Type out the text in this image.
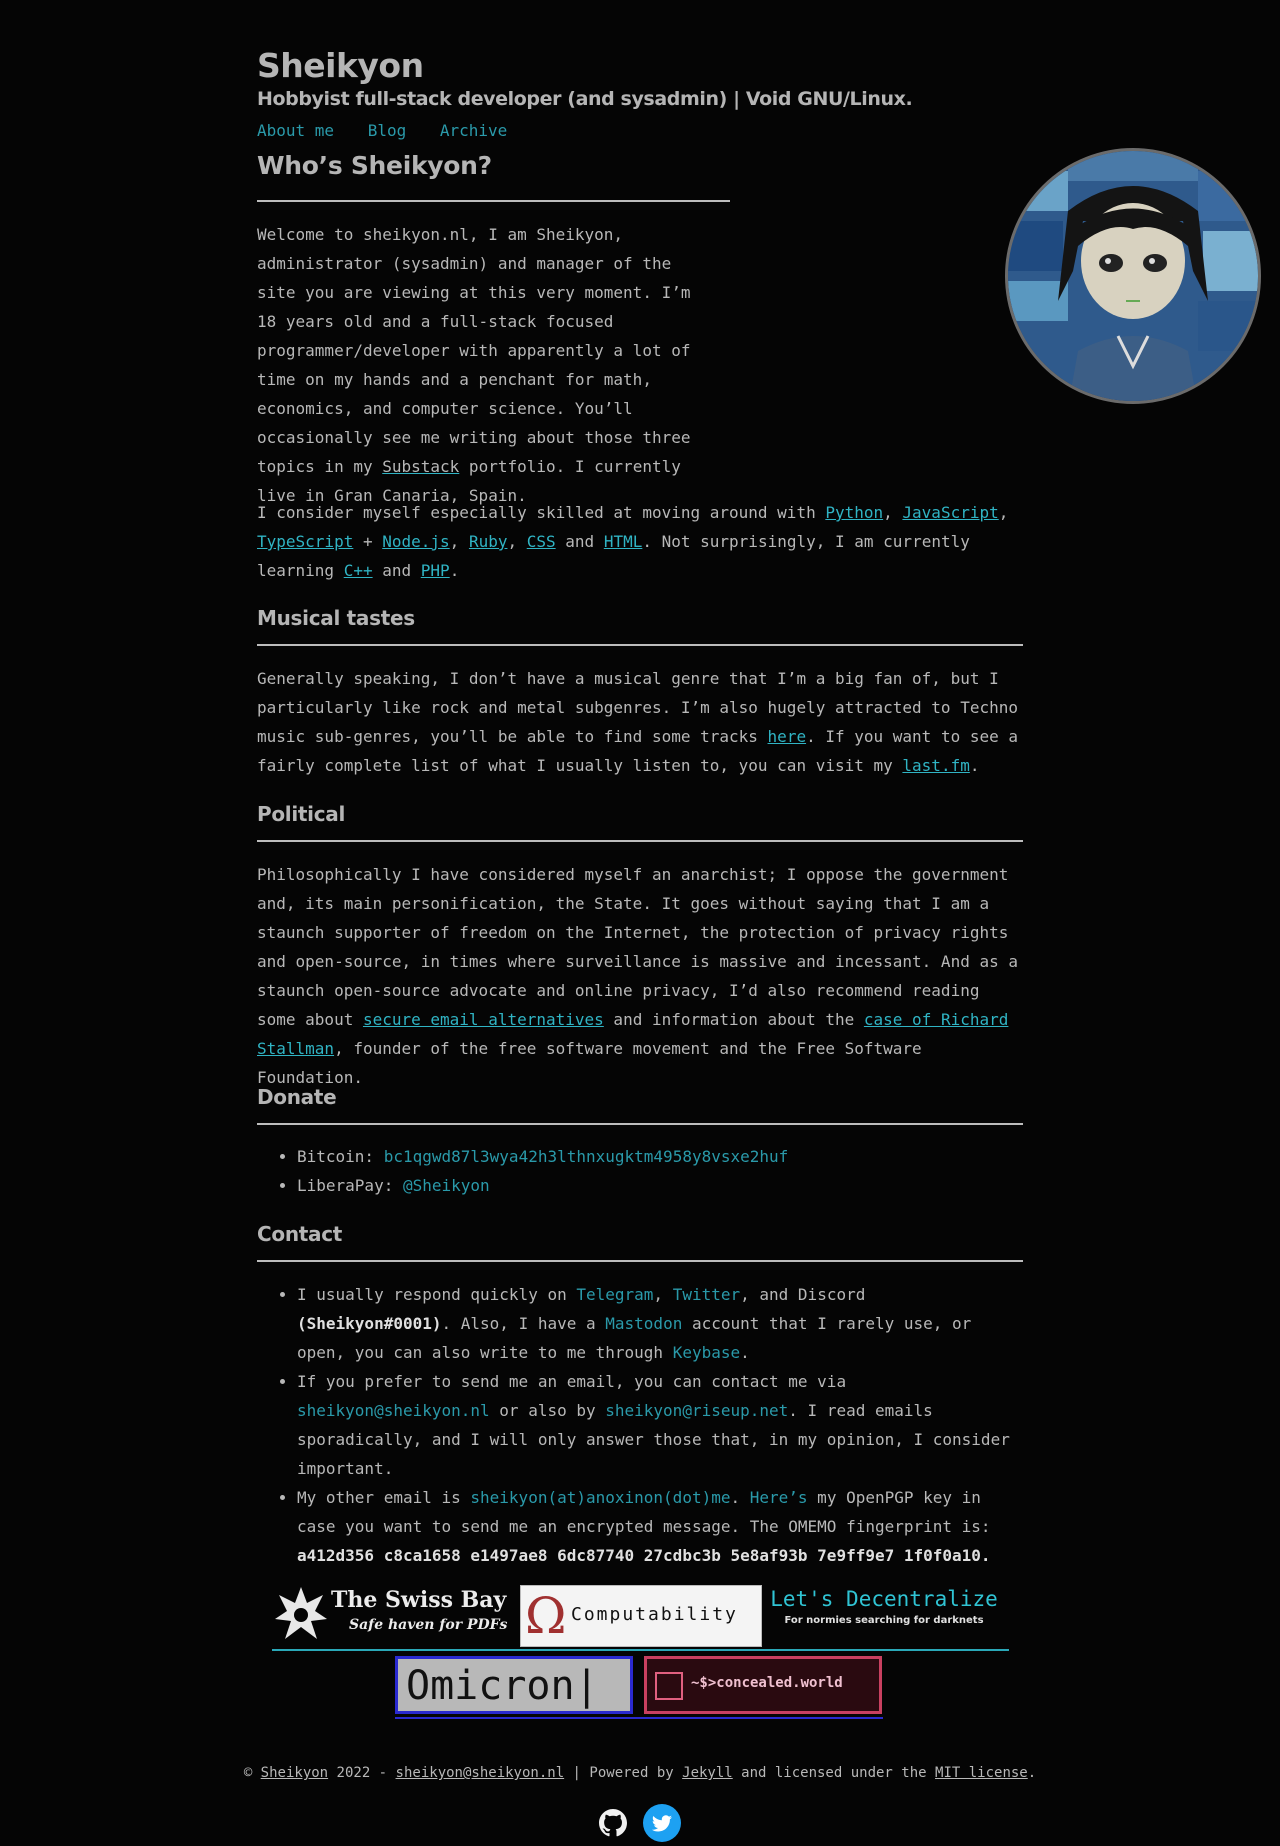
Sheikyon
Hobbyist full-stack developer (and sysadmin) | Void GNU/Linux.
About me Blog Archive
Who’s Sheikyon?

Welcome to sheikyon.nl, I am Sheikyon, administrator (sysadmin) and manager of the site you are viewing at this very moment. I’m 18 years old and a full-stack focused programmer/developer with apparently a lot of time on my hands and a penchant for math, economics, and computer science. You’ll occasionally see me writing about those three topics in my Substack portfolio. I currently live in Gran Canaria, Spain.

I consider myself especially skilled at moving around with Python, JavaScript, TypeScript + Node.js, Ruby, CSS and HTML. Not surprisingly, I am currently learning C++ and PHP.

Musical tastes

Generally speaking, I don’t have a musical genre that I’m a big fan of, but I particularly like rock and metal subgenres. I’m also hugely attracted to Techno music sub-genres, you’ll be able to find some tracks here. If you want to see a fairly complete list of what I usually listen to, you can visit my last.fm.

Political

Philosophically I have considered myself an anarchist; I oppose the government and, its main personification, the State. It goes without saying that I am a staunch supporter of freedom on the Internet, the protection of privacy rights and open-source, in times where surveillance is massive and incessant. And as a staunch open-source advocate and online privacy, I’d also recommend reading some about secure email alternatives and information about the case of Richard Stallman, founder of the free software movement and the Free Software Foundation.

Donate
• Bitcoin: bc1qgwd87l3wya42h3lthnxugktm4958y8vsxe2huf
• LiberaPay: @Sheikyon
Contact
• I usually respond quickly on Telegram, Twitter, and Discord (Sheikyon#0001). Also, I have a Mastodon account that I rarely use, or open, you can also write to me through Keybase.
• If you prefer to send me an email, you can contact me via sheikyon@sheikyon.nl or also by sheikyon@riseup.net. I read emails sporadically, and I will only answer those that, in my opinion, I consider important.
• My other email is sheikyon(at)anoxinon(dot)me. Here’s my OpenPGP key in case you want to send me an encrypted message. The OMEMO fingerprint is: a412d356 c8ca1658 e1497ae8 6dc87740 27cdbc3b 5e8af93b 7e9ff9e7 1f0f0a10.
The Swiss Bay
Safe haven for PDFs Ω Computability
Let's Decentralize
For normies searching for darknets
Omicron|	~$>concealed.world
© Sheikyon 2022 - sheikyon@sheikyon.nl | Powered by Jekyll and licensed under the MIT license.
